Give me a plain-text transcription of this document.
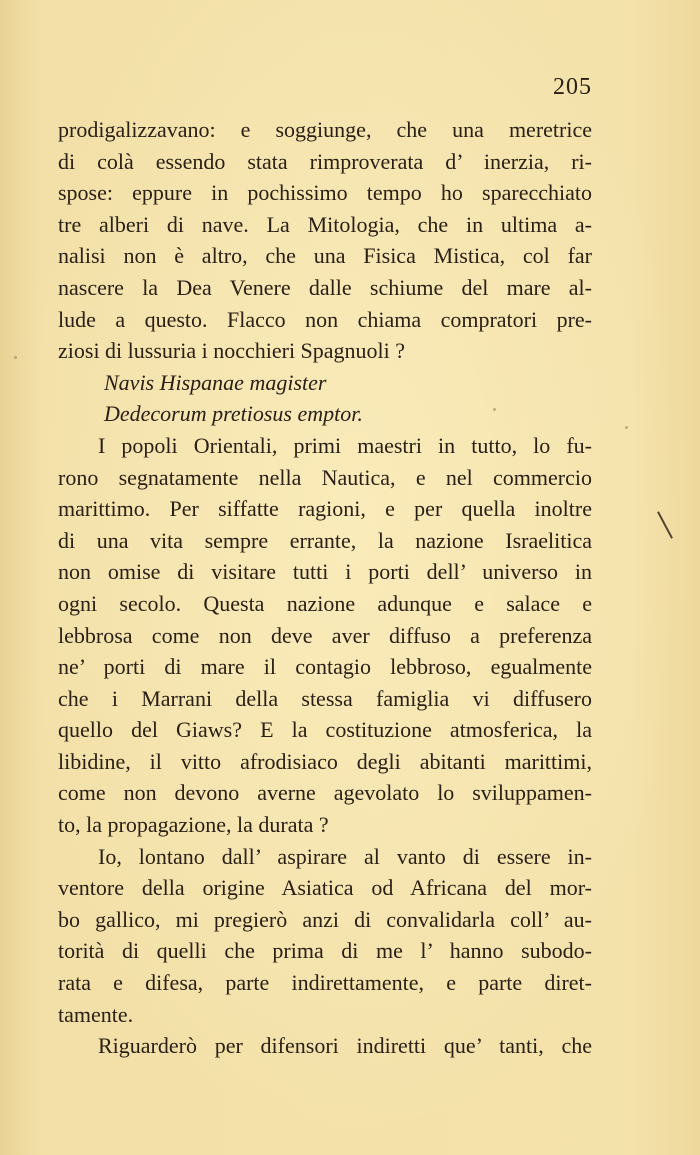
205
prodigalizzavano: e soggiunge, che una meretrice
di colà essendo stata rimproverata d’ inerzia, ri-
spose: eppure in pochissimo tempo ho sparecchiato
tre alberi di nave. La Mitologia, che in ultima a-
nalisi non è altro, che una Fisica Mistica, col far
nascere la Dea Venere dalle schiume del mare al-
lude a questo. Flacco non chiama compratori pre-
ziosi di lussuria i nocchieri Spagnuoli ?
Navis Hispanae magister
Dedecorum pretiosus emptor.
I popoli Orientali, primi maestri in tutto, lo fu-
rono segnatamente nella Nautica, e nel commercio
marittimo. Per siffatte ragioni, e per quella inoltre
di una vita sempre errante, la nazione Israelitica
non omise di visitare tutti i porti dell’ universo in
ogni secolo. Questa nazione adunque e salace e
lebbrosa come non deve aver diffuso a preferenza
ne’ porti di mare il contagio lebbroso, egualmente
che i Marrani della stessa famiglia vi diffusero
quello del Giaws? E la costituzione atmosferica, la
libidine, il vitto afrodisiaco degli abitanti marittimi,
come non devono averne agevolato lo sviluppamen-
to, la propagazione, la durata ?
Io, lontano dall’ aspirare al vanto di essere in-
ventore della origine Asiatica od Africana del mor-
bo gallico, mi pregierò anzi di convalidarla coll’ au-
torità di quelli che prima di me l’ hanno subodo-
rata e difesa, parte indirettamente, e parte diret-
tamente.
Riguarderò per difensori indiretti que’ tanti, che
